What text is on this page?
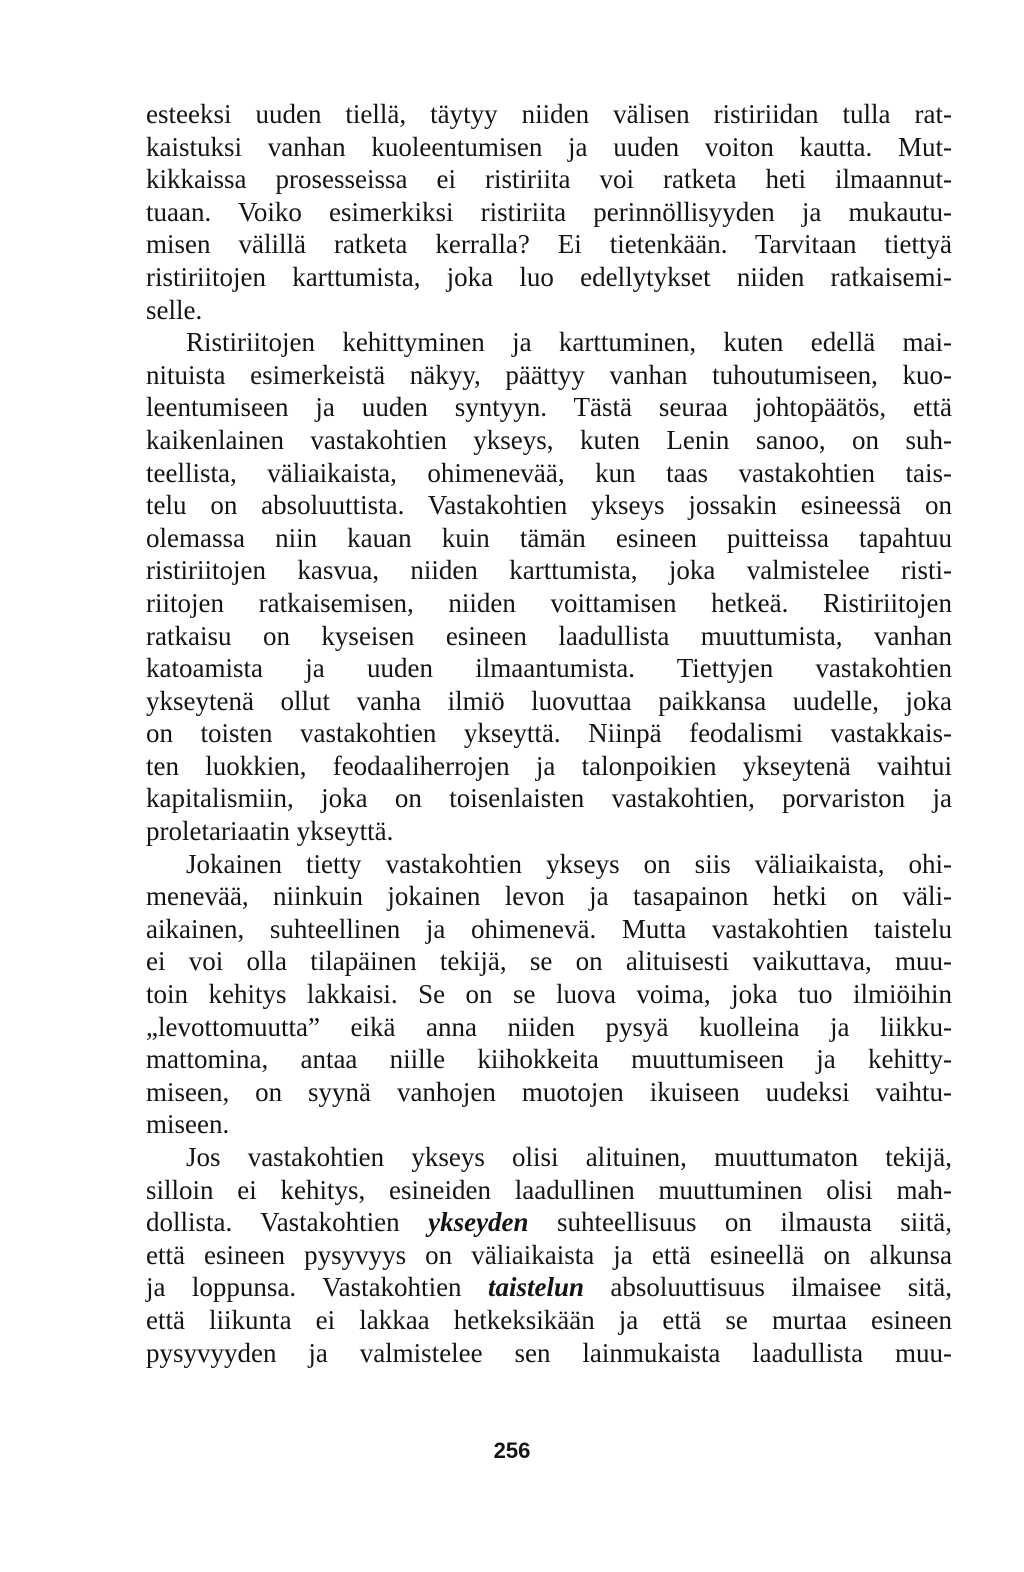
esteeksi uuden tiellä, täytyy niiden välisen ristiriidan tulla rat-
kaistuksi vanhan kuoleentumisen ja uuden voiton kautta. Mut-
kikkaissa prosesseissa ei ristiriita voi ratketa heti ilmaannut-
tuaan. Voiko esimerkiksi ristiriita perinnöllisyyden ja mukautu-
misen välillä ratketa kerralla? Ei tietenkään. Tarvitaan tiettyä
ristiriitojen karttumista, joka luo edellytykset niiden ratkaisemi-
selle.
Ristiriitojen kehittyminen ja karttuminen, kuten edellä mai-
nituista esimerkeistä näkyy, päättyy vanhan tuhoutumiseen, kuo-
leentumiseen ja uuden syntyyn. Tästä seuraa johtopäätös, että
kaikenlainen vastakohtien ykseys, kuten Lenin sanoo, on suh-
teellista, väliaikaista, ohimenevää, kun taas vastakohtien tais-
telu on absoluuttista. Vastakohtien ykseys jossakin esineessä on
olemassa niin kauan kuin tämän esineen puitteissa tapahtuu
ristiriitojen kasvua, niiden karttumista, joka valmistelee risti-
riitojen ratkaisemisen, niiden voittamisen hetkeä. Ristiriitojen
ratkaisu on kyseisen esineen laadullista muuttumista, vanhan
katoamista ja uuden ilmaantumista. Tiettyjen vastakohtien
ykseytenä ollut vanha ilmiö luovuttaa paikkansa uudelle, joka
on toisten vastakohtien ykseyttä. Niinpä feodalismi vastakkais-
ten luokkien, feodaaliherrojen ja talonpoikien ykseytenä vaihtui
kapitalismiin, joka on toisenlaisten vastakohtien, porvariston ja
proletariaatin ykseyttä.
Jokainen tietty vastakohtien ykseys on siis väliaikaista, ohi-
menevää, niinkuin jokainen levon ja tasapainon hetki on väli-
aikainen, suhteellinen ja ohimenevä. Mutta vastakohtien taistelu
ei voi olla tilapäinen tekijä, se on alituisesti vaikuttava, muu-
toin kehitys lakkaisi. Se on se luova voima, joka tuo ilmiöihin
„levottomuutta” eikä anna niiden pysyä kuolleina ja liikku-
mattomina, antaa niille kiihokkeita muuttumiseen ja kehitty-
miseen, on syynä vanhojen muotojen ikuiseen uudeksi vaihtu-
miseen.
Jos vastakohtien ykseys olisi alituinen, muuttumaton tekijä,
silloin ei kehitys, esineiden laadullinen muuttuminen olisi mah-
dollista. Vastakohtien ykseyden suhteellisuus on ilmausta siitä,
että esineen pysyvyys on väliaikaista ja että esineellä on alkunsa
ja loppunsa. Vastakohtien taistelun absoluuttisuus ilmaisee sitä,
että liikunta ei lakkaa hetkeksikään ja että se murtaa esineen
pysyvyyden ja valmistelee sen lainmukaista laadullista muu-
256
